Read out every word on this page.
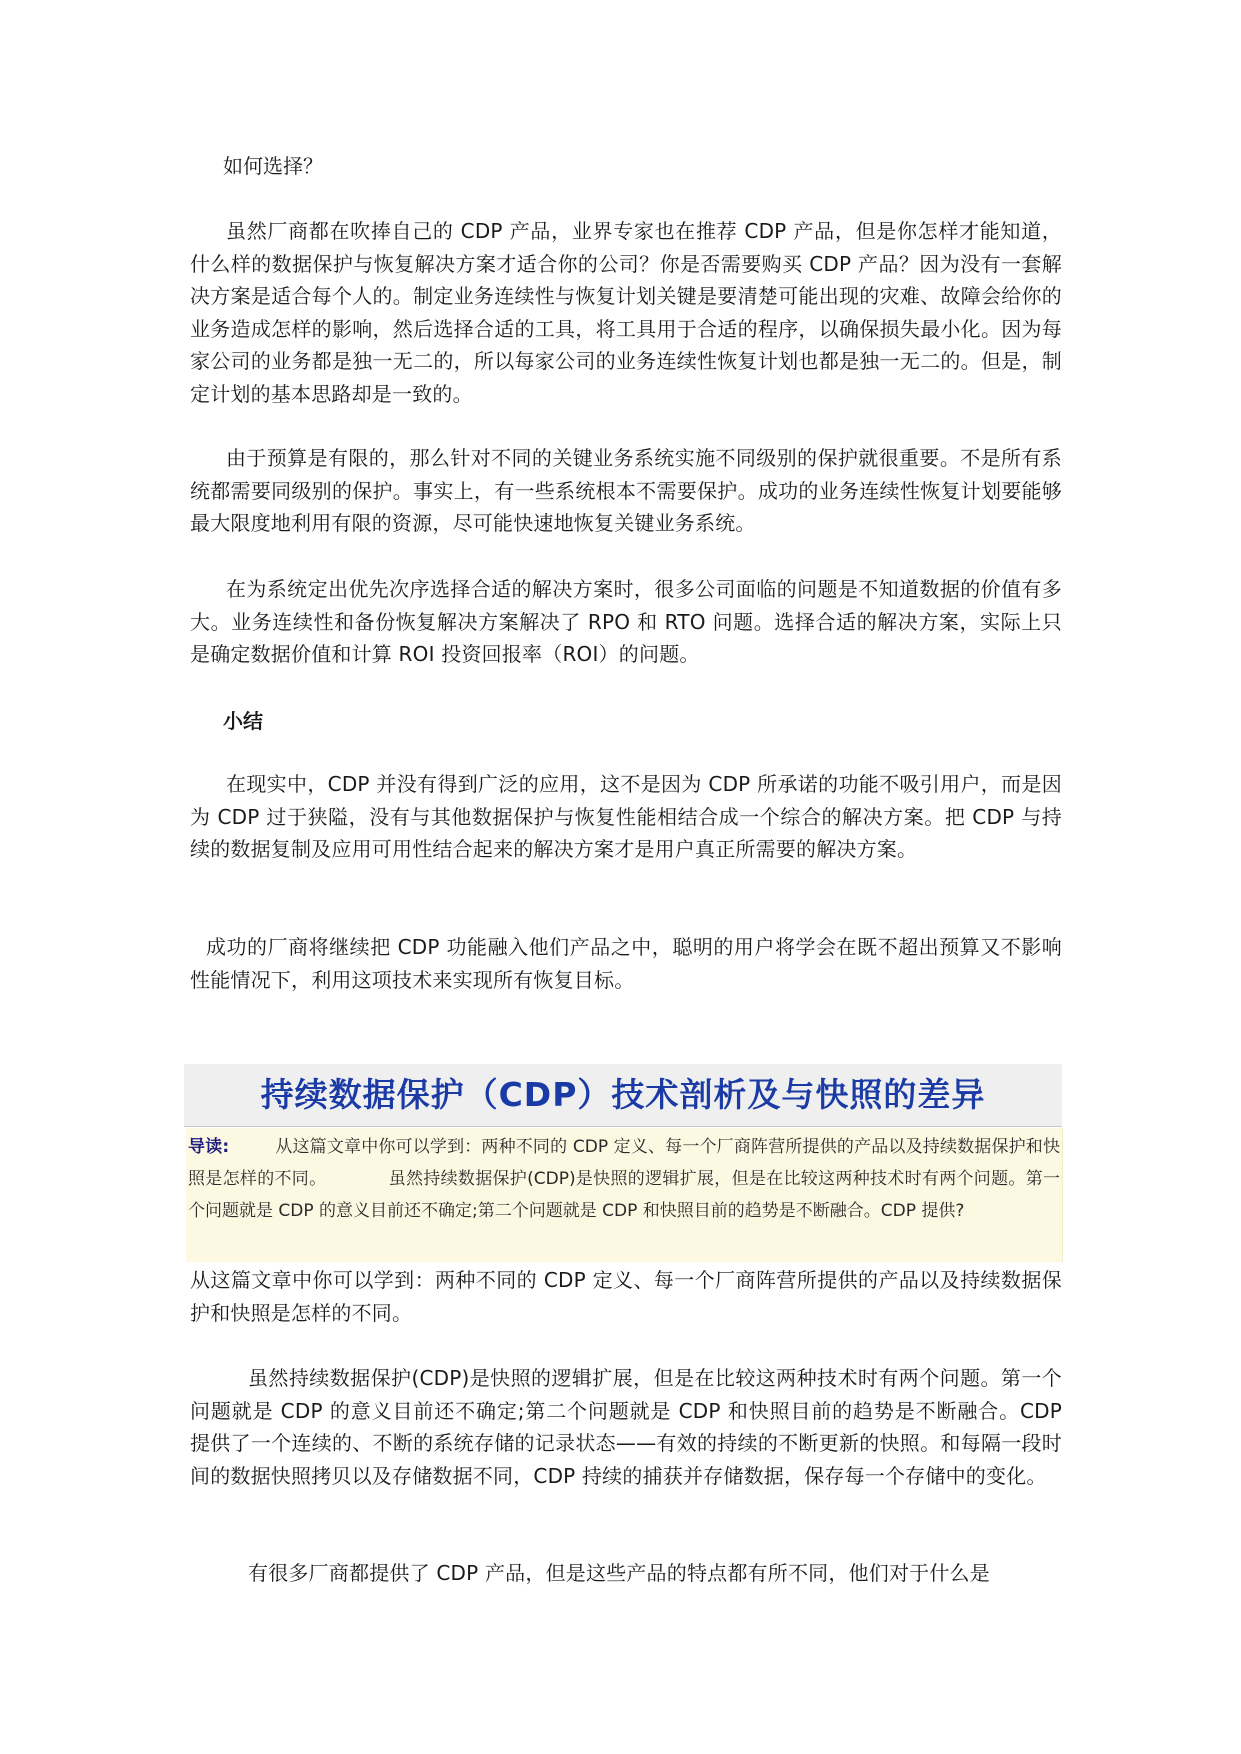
如何选择？

虽然厂商都在吹捧自己的 CDP 产品，业界专家也在推荐 CDP 产品，但是你怎样才能知道，什么样的数据保护与恢复解决方案才适合你的公司？你是否需要购买 CDP 产品？因为没有一套解决方案是适合每个人的。制定业务连续性与恢复计划关键是要清楚可能出现的灾难、故障会给你的业务造成怎样的影响，然后选择合适的工具，将工具用于合适的程序，以确保损失最小化。因为每家公司的业务都是独一无二的，所以每家公司的业务连续性恢复计划也都是独一无二的。但是，制定计划的基本思路却是一致的。

由于预算是有限的，那么针对不同的关键业务系统实施不同级别的保护就很重要。不是所有系统都需要同级别的保护。事实上，有一些系统根本不需要保护。成功的业务连续性恢复计划要能够最大限度地利用有限的资源，尽可能快速地恢复关键业务系统。

在为系统定出优先次序选择合适的解决方案时，很多公司面临的问题是不知道数据的价值有多大。业务连续性和备份恢复解决方案解决了 RPO 和 RTO 问题。选择合适的解决方案，实际上只是确定数据价值和计算 ROI 投资回报率（ROI）的问题。

小结

在现实中，CDP 并没有得到广泛的应用，这不是因为 CDP 所承诺的功能不吸引用户，而是因为 CDP 过于狭隘，没有与其他数据保护与恢复性能相结合成一个综合的解决方案。把 CDP 与持续的数据复制及应用可用性结合起来的解决方案才是用户真正所需要的解决方案。

成功的厂商将继续把 CDP 功能融入他们产品之中，聪明的用户将学会在既不超出预算又不影响性能情况下，利用这项技术来实现所有恢复目标。

持续数据保护（CDP）技术剖析及与快照的差异

导读:	从这篇文章中你可以学到：两种不同的 CDP 定义、每一个厂商阵营所提供的产品以及持续数据保护和快照是怎样的不同。	虽然持续数据保护(CDP)是快照的逻辑扩展，但是在比较这两种技术时有两个问题。第一个问题就是 CDP 的意义目前还不确定;第二个问题就是 CDP 和快照目前的趋势是不断融合。CDP 提供?

从这篇文章中你可以学到：两种不同的 CDP 定义、每一个厂商阵营所提供的产品以及持续数据保护和快照是怎样的不同。

虽然持续数据保护(CDP)是快照的逻辑扩展，但是在比较这两种技术时有两个问题。第一个问题就是 CDP 的意义目前还不确定;第二个问题就是 CDP 和快照目前的趋势是不断融合。CDP 提供了一个连续的、不断的系统存储的记录状态——有效的持续的不断更新的快照。和每隔一段时间的数据快照拷贝以及存储数据不同，CDP 持续的捕获并存储数据，保存每一个存储中的变化。

有很多厂商都提供了 CDP 产品，但是这些产品的特点都有所不同，他们对于什么是
